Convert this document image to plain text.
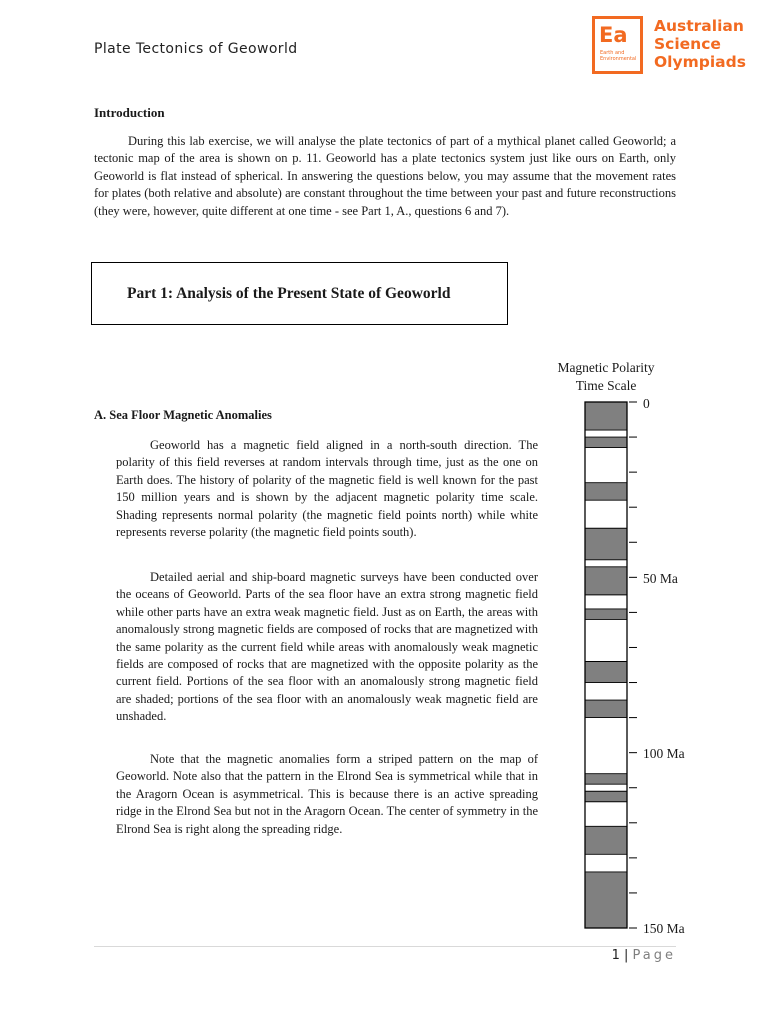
Plate Tectonics of Geoworld
Ea
Earth and Environmental
Australian
Science
Olympiads
Introduction

During this lab exercise, we will analyse the plate tectonics of part of a mythical planet called Geoworld; a tectonic map of the area is shown on p. 11. Geoworld has a plate tectonics system just like ours on Earth, only Geoworld is flat instead of spherical. In answering the questions below, you may assume that the movement rates for plates (both relative and absolute) are constant throughout the time between your past and future reconstructions (they were, however, quite different at one time - see Part 1, A., questions 6 and 7).

Part 1: Analysis of the Present State of Geoworld
A. Sea Floor Magnetic Anomalies

Geoworld has a magnetic field aligned in a north-south direction. The polarity of this field reverses at random intervals through time, just as the one on Earth does. The history of polarity of the magnetic field is well known for the past 150 million years and is shown by the adjacent magnetic polarity time scale. Shading represents normal polarity (the magnetic field points north) while white represents reverse polarity (the magnetic field points south).

Detailed aerial and ship-board magnetic surveys have been conducted over the oceans of Geoworld. Parts of the sea floor have an extra strong magnetic field while other parts have an extra weak magnetic field. Just as on Earth, the areas with anomalously strong magnetic fields are composed of rocks that are magnetized with the same polarity as the current field while areas with anomalously weak magnetic fields are composed of rocks that are magnetized with the opposite polarity as the current field. Portions of the sea floor with an anomalously strong magnetic field are shaded; portions of the sea floor with an anomalously weak magnetic field are unshaded.

Note that the magnetic anomalies form a striped pattern on the map of Geoworld. Note also that the pattern in the Elrond Sea is symmetrical while that in the Aragorn Ocean is asymmetrical. This is because there is an active spreading ridge in the Elrond Sea but not in the Aragorn Ocean. The center of symmetry in the Elrond Sea is right along the spreading ridge.

Magnetic Polarity
Time Scale
0
50 Ma
100 Ma
150 Ma
1 | Page
